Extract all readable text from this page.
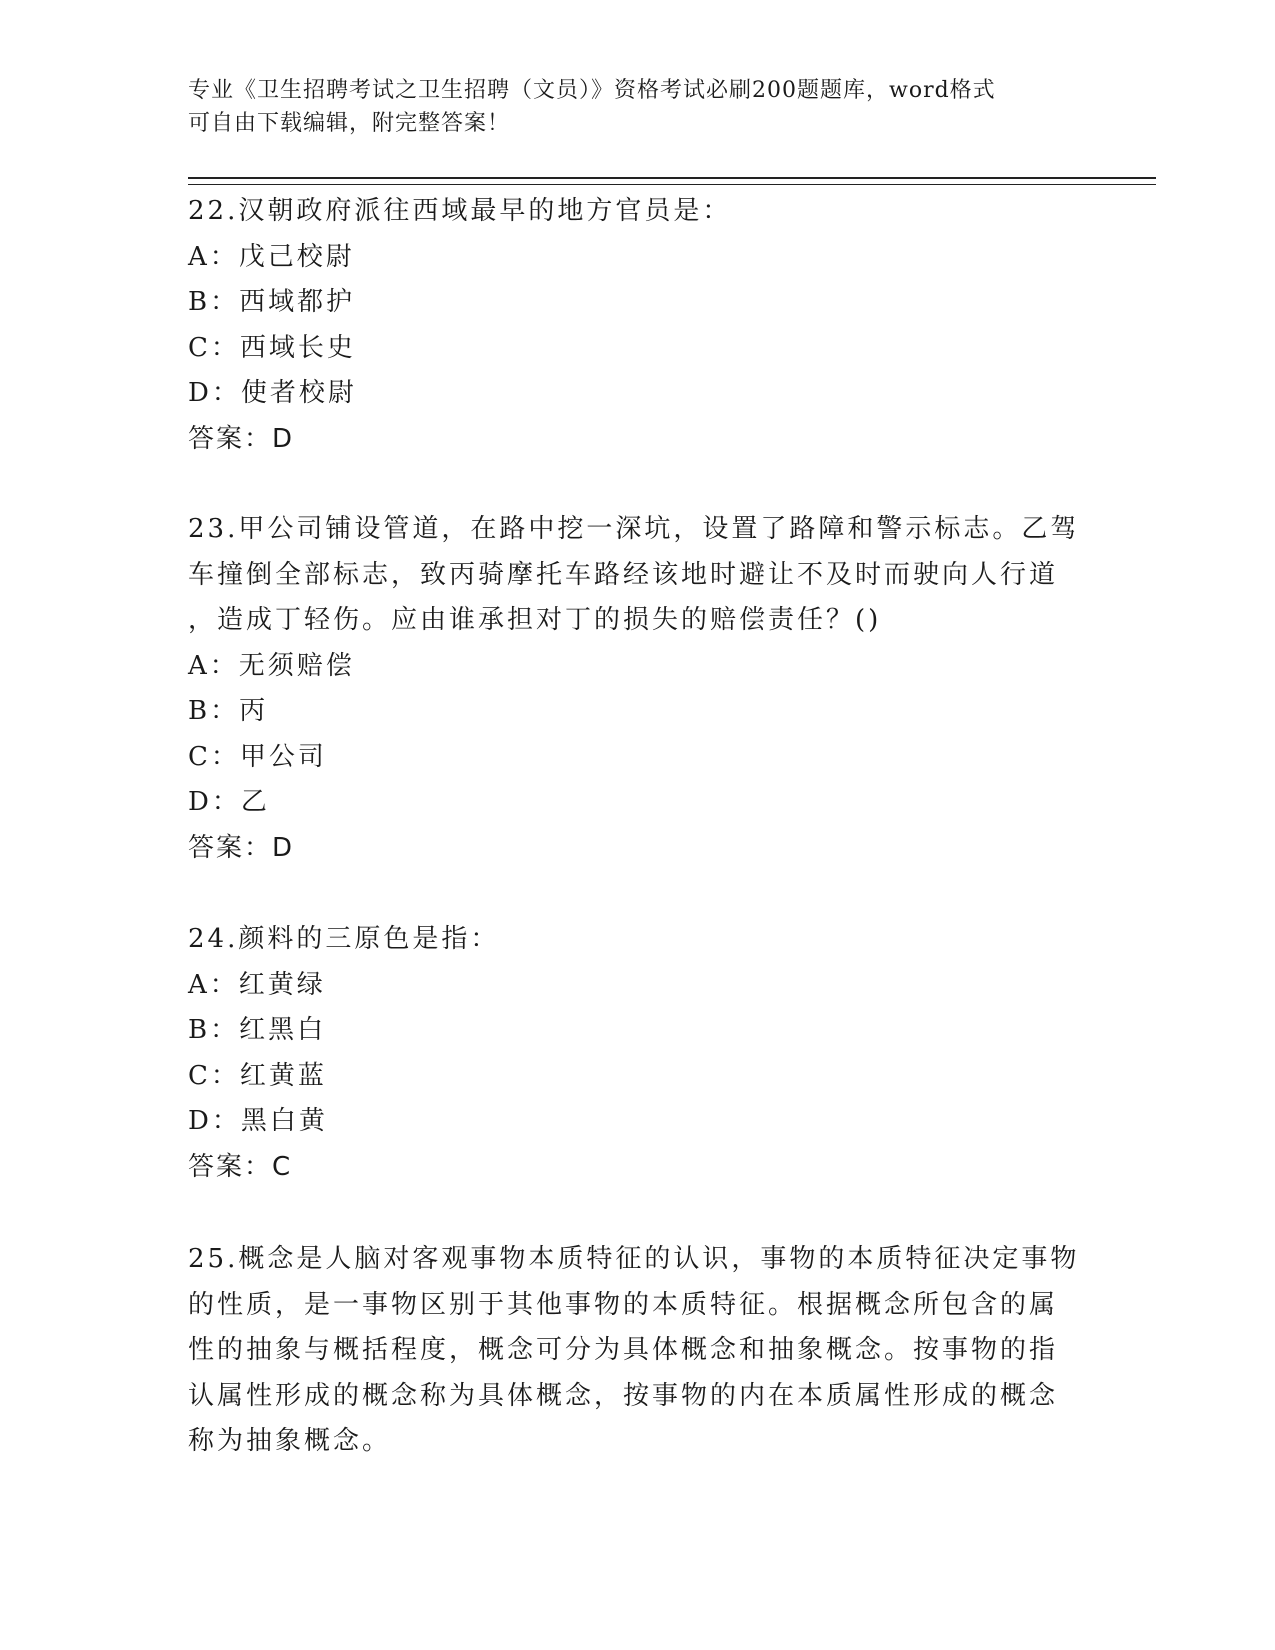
专业《卫生招聘考试之卫生招聘（文员）》资格考试必刷200题题库，word格式
可自由下载编辑，附完整答案！
22.汉朝政府派往西域最早的地方官员是：
A：戊己校尉
B：西域都护
C：西域长史
D：使者校尉
答案：D
23.甲公司铺设管道，在路中挖一深坑，设置了路障和警示标志。乙驾
车撞倒全部标志，致丙骑摩托车路经该地时避让不及时而驶向人行道
，造成丁轻伤。应由谁承担对丁的损失的赔偿责任？()
A：无须赔偿
B：丙
C：甲公司
D：乙
答案：D
24.颜料的三原色是指：
A：红黄绿
B：红黑白
C：红黄蓝
D：黑白黄
答案：C
25.概念是人脑对客观事物本质特征的认识，事物的本质特征决定事物
的性质，是一事物区别于其他事物的本质特征。根据概念所包含的属
性的抽象与概括程度，概念可分为具体概念和抽象概念。按事物的指
认属性形成的概念称为具体概念，按事物的内在本质属性形成的概念
称为抽象概念。
